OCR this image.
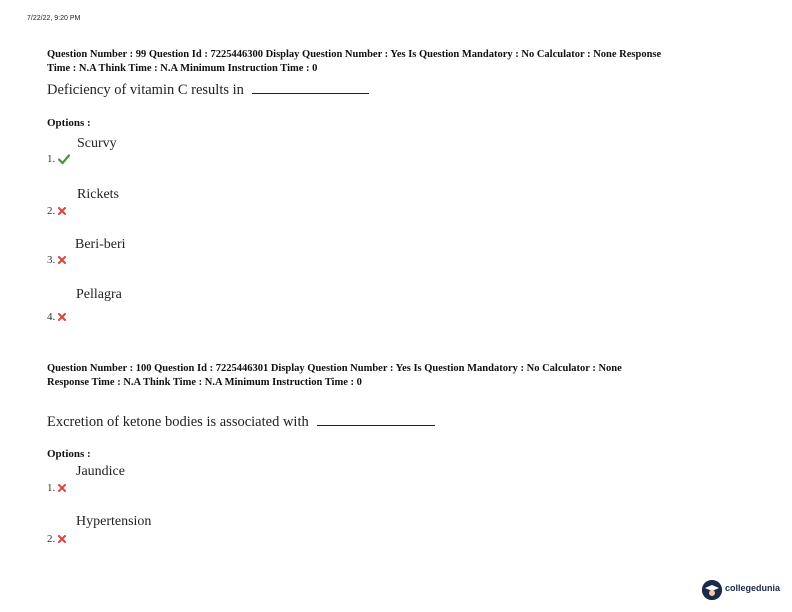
7/22/22, 9:20 PM
Question Number : 99 Question Id : 7225446300 Display Question Number : Yes Is Question Mandatory : No Calculator : None Response
Time : N.A Think Time : N.A Minimum Instruction Time : 0
Deficiency of vitamin C results in
Options :
Scurvy
1.
Rickets
2.
Beri-beri
3.
Pellagra
4.
Question Number : 100 Question Id : 7225446301 Display Question Number : Yes Is Question Mandatory : No Calculator : None
Response Time : N.A Think Time : N.A Minimum Instruction Time : 0
Excretion of ketone bodies is associated with
Options :
Jaundice
1.
Hypertension
2.
collegedunia
